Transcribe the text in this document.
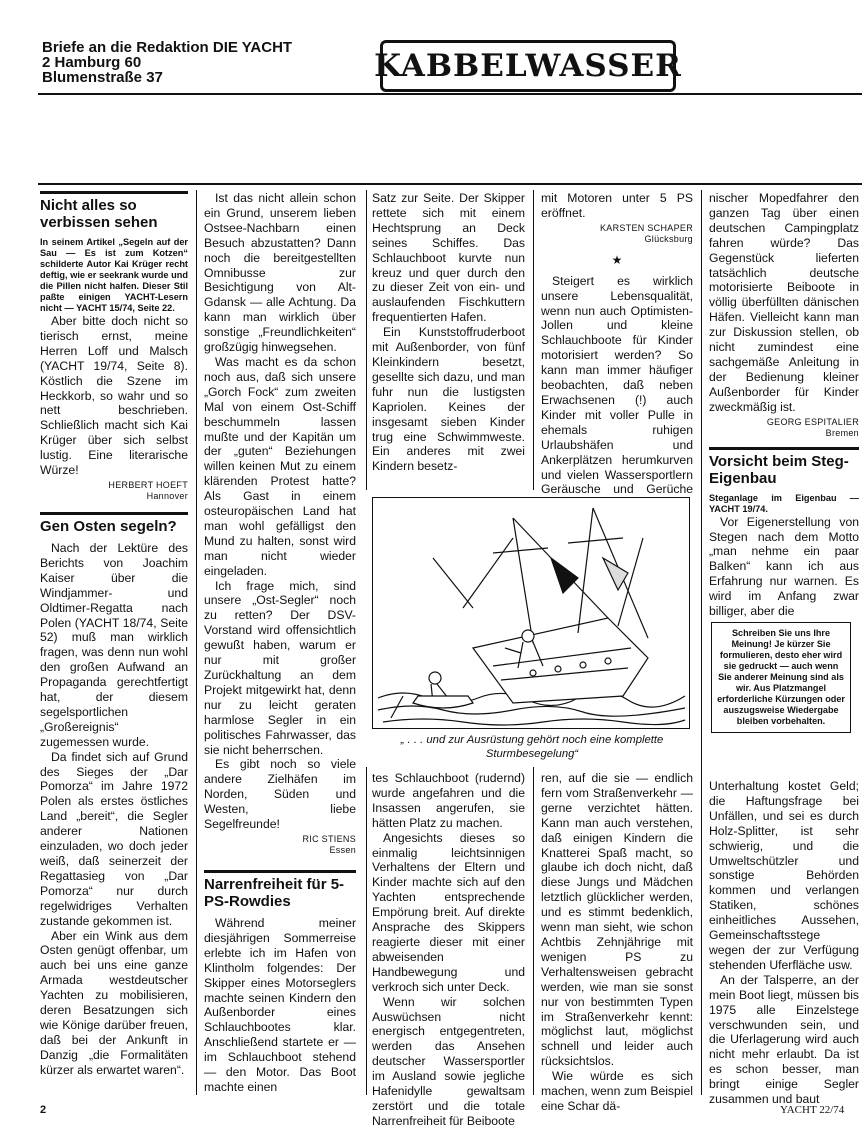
Briefe an die Redaktion DIE YACHT
2 Hamburg 60
Blumenstraße 37	KABBELWASSER
Nicht alles so verbissen sehen

In seinem Artikel „Segeln auf der Sau — Es ist zum Kotzen“ schilderte Autor Kai Krüger recht deftig, wie er seekrank wurde und die Pillen nicht halfen. Dieser Stil paßte einigen YACHT-Lesern nicht — YACHT 15/74, Seite 22.

Aber bitte doch nicht so tierisch ernst, meine Herren Loff und Malsch (YACHT 19/74, Seite 8). Köstlich die Szene im Heckkorb, so wahr und so nett beschrieben. Schließlich macht sich Kai Krüger über sich selbst lustig. Eine literarische Würze!

HERBERT HOEFT
Hannover
Gen Osten segeln?

Nach der Lektüre des Berichts von Joachim Kaiser über die Windjammer- und Oldtimer-Regatta nach Polen (YACHT 18/74, Seite 52) muß man wirklich fragen, was denn nun wohl den großen Aufwand an Propaganda gerechtfertigt hat, der diesem segelsportlichen „Großereignis“ zugemessen wurde.

Da findet sich auf Grund des Sieges der „Dar Pomorza“ im Jahre 1972 Polen als erstes östliches Land „bereit“, die Segler anderer Nationen einzuladen, wo doch jeder weiß, daß seinerzeit der Regattasieg von „Dar Pomorza“ nur durch regelwidriges Verhalten zustande gekommen ist.

Aber ein Wink aus dem Osten genügt offenbar, um auch bei uns eine ganze Armada westdeutscher Yachten zu mobilisieren, deren Besatzungen sich wie Könige darüber freuen, daß bei der Ankunft in Danzig „die Formalitäten kürzer als erwartet waren“.

Ist das nicht allein schon ein Grund, unserem lieben Ostsee-Nachbarn einen Besuch abzustatten? Dann noch die bereitgestellten Omnibusse zur Besichtigung von Alt-Gdansk — alle Achtung. Da kann man wirklich über sonstige „Freundlichkeiten“ großzügig hinwegsehen.

Was macht es da schon noch aus, daß sich unsere „Gorch Fock“ zum zweiten Mal von einem Ost-Schiff beschummeln lassen mußte und der Kapitän um der „guten“ Beziehungen willen keinen Mut zu einem klärenden Protest hatte? Als Gast in einem osteuropäischen Land hat man wohl gefälligst den Mund zu halten, sonst wird man nicht wieder eingeladen.

Ich frage mich, sind unsere „Ost-Segler“ noch zu retten? Der DSV-Vorstand wird offensichtlich gewußt haben, warum er nur mit großer Zurückhaltung an dem Projekt mitgewirkt hat, denn nur zu leicht geraten harmlose Segler in ein politisches Fahrwasser, das sie nicht beherrschen.

Es gibt noch so viele andere Zielhäfen im Norden, Süden und Westen, liebe Segelfreunde!

RIC STIENS
Essen
Narrenfreiheit für 5-PS-Rowdies

Während meiner diesjährigen Sommerreise erlebte ich im Hafen von Klintholm folgendes: Der Skipper eines Motorseglers machte seinen Kindern den Außenborder eines Schlauchbootes klar. Anschließend startete er — im Schlauchboot stehend — den Motor. Das Boot machte einen

Satz zur Seite. Der Skipper rettete sich mit einem Hechtsprung an Deck seines Schiffes. Das Schlauchboot kurvte nun kreuz und quer durch den zu dieser Zeit von ein- und auslaufenden Fischkuttern frequentierten Hafen.

Ein Kunststoffruderboot mit Außenborder, von fünf Kleinkindern besetzt, gesellte sich dazu, und man fuhr nun die lustigsten Kapriolen. Keines der insgesamt sieben Kinder trug eine Schwimmweste. Ein anderes mit zwei Kindern besetz-

mit Motoren unter 5 PS eröffnet.

KARSTEN SCHAPER
Glücksburg
★

Steigert es wirklich unsere Lebensqualität, wenn nun auch Optimisten-Jollen und kleine Schlauchboote für Kinder motorisiert werden? So kann man immer häufiger beobachten, daß neben Erwachsenen (!) auch Kinder mit voller Pulle in ehemals ruhigen Urlaubshäfen und Ankerplätzen herumkurven und vielen Wassersportlern Geräusche und Gerüche

„ . . . und zur Ausrüstung gehört noch eine komplette Sturmbesegelung“

tes Schlauchboot (rudernd) wurde angefahren und die Insassen angerufen, sie hätten Platz zu machen.

Angesichts dieses so einmalig leichtsinnigen Verhaltens der Eltern und Kinder machte sich auf den Yachten entsprechende Empörung breit. Auf direkte Ansprache des Skippers reagierte dieser mit einer abweisenden Handbewegung und verkroch sich unter Deck.

Wenn wir solchen Auswüchsen nicht energisch entgegentreten, werden das Ansehen deutscher Wassersportler im Ausland sowie jegliche Hafenidylle gewaltsam zerstört und die totale Narrenfreiheit für Beiboote

ren, auf die sie — endlich fern vom Straßenverkehr — gerne verzichtet hätten. Kann man auch verstehen, daß einigen Kindern die Knatterei Spaß macht, so glaube ich doch nicht, daß diese Jungs und Mädchen letztlich glücklicher werden, und es stimmt bedenklich, wenn man sieht, wie schon Achtbis Zehnjährige mit wenigen PS zu Verhaltensweisen gebracht werden, wie man sie sonst nur von bestimmten Typen im Straßenverkehr kennt: möglichst laut, möglichst schnell und leider auch rücksichtslos.

Wie würde es sich machen, wenn zum Beispiel eine Schar dä-

nischer Mopedfahrer den ganzen Tag über einen deutschen Campingplatz fahren würde? Das Gegenstück lieferten tatsächlich deutsche motorisierte Beiboote in völlig überfüllten dänischen Häfen. Vielleicht kann man zur Diskussion stellen, ob nicht zumindest eine sachgemäße Anleitung in der Bedienung kleiner Außenborder für Kinder zweckmäßig ist.

GEORG ESPITALIER
Bremen
Vorsicht beim Steg-Eigenbau

Steganlage im Eigenbau — YACHT 19/74.

Vor Eigenerstellung von Stegen nach dem Motto „man nehme ein paar Balken“ kann ich aus Erfahrung nur warnen. Es wird im Anfang zwar billiger, aber die

Schreiben Sie uns Ihre Meinung! Je kürzer Sie formulieren, desto eher wird sie gedruckt — auch wenn Sie anderer Meinung sind als wir. Aus Platzmangel erforderliche Kürzungen oder auszugsweise Wiedergabe bleiben vorbehalten.

Unterhaltung kostet Geld; die Haftungsfrage bei Unfällen, und sei es durch Holz-Splitter, ist sehr schwierig, und die Umweltschützler und sonstige Behörden kommen und verlangen Statiken, schönes einheitliches Aussehen, Gemeinschaftsstege wegen der zur Verfügung stehenden Uferfläche usw.

An der Talsperre, an der mein Boot liegt, müssen bis 1975 alle Einzelstege verschwunden sein, und die Uferlagerung wird auch nicht mehr erlaubt. Da ist es schon besser, man bringt einige Segler zusammen und baut

2	YACHT 22/74
